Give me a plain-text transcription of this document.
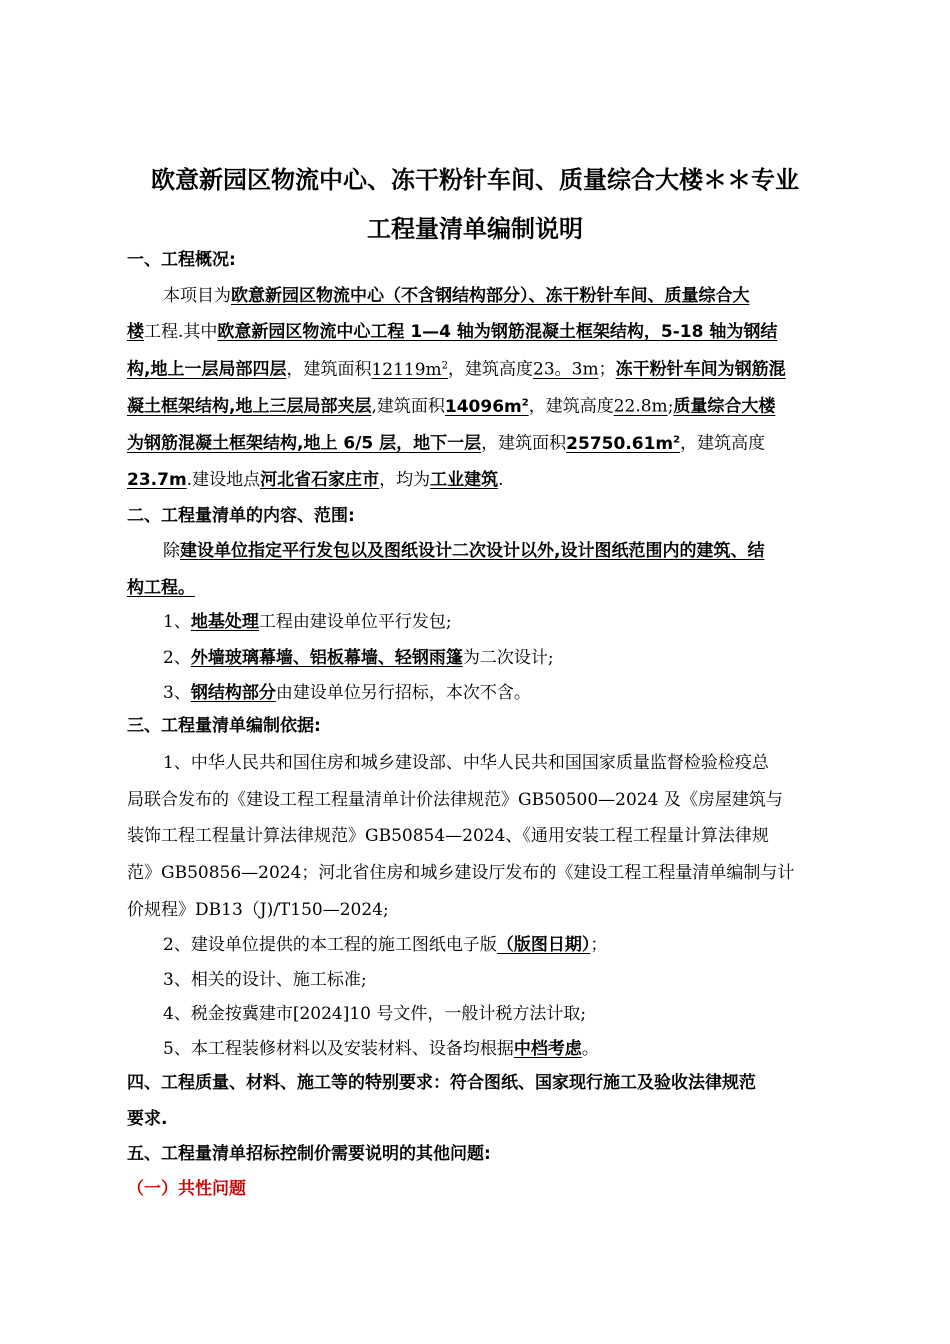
欧意新园区物流中心、冻干粉针车间、质量综合大楼＊＊专业
工程量清单编制说明
一、工程概况:
本项目为欧意新园区物流中心（不含钢结构部分）、冻干粉针车间、质量综合大
楼工程.其中欧意新园区物流中心工程 1—4 轴为钢筋混凝土框架结构，5-18 轴为钢结
构,地上一层局部四层，建筑面积$12119m^2$，建筑高度23。3m；冻干粉针车间为钢筋混
凝土框架结构,地上三层局部夹层,建筑面积$14096m^2$，建筑高度22.8m;质量综合大楼
为钢筋混凝土框架结构,地上 6/5 层，地下一层，建筑面积$25750.61m^2$，建筑高度
23.7m.建设地点河北省石家庄市，均为工业建筑.
二、工程量清单的内容、范围:
除建设单位指定平行发包以及图纸设计二次设计以外,设计图纸范围内的建筑、结
构工程。
1、地基处理工程由建设单位平行发包;
2、外墙玻璃幕墙、铝板幕墙、轻钢雨篷为二次设计;
3、钢结构部分由建设单位另行招标，本次不含。
三、工程量清单编制依据:
1、中华人民共和国住房和城乡建设部、中华人民共和国国家质量监督检验检疫总
局联合发布的《建设工程工程量清单计价法律规范》GB50500—2024 及《房屋建筑与
装饰工程工程量计算法律规范》GB50854—2024、《通用安装工程工程量计算法律规
范》GB50856—2024；河北省住房和城乡建设厅发布的《建设工程工程量清单编制与计
价规程》DB13（J)/T150—2024;
2、建设单位提供的本工程的施工图纸电子版（版图日期）；
3、相关的设计、施工标准;
4、税金按冀建市[2024]10 号文件，一般计税方法计取;
5、本工程装修材料以及安装材料、设备均根据中档考虑。
四、工程质量、材料、施工等的特别要求：符合图纸、国家现行施工及验收法律规范
要求.
五、工程量清单招标控制价需要说明的其他问题:
（一）共性问题
